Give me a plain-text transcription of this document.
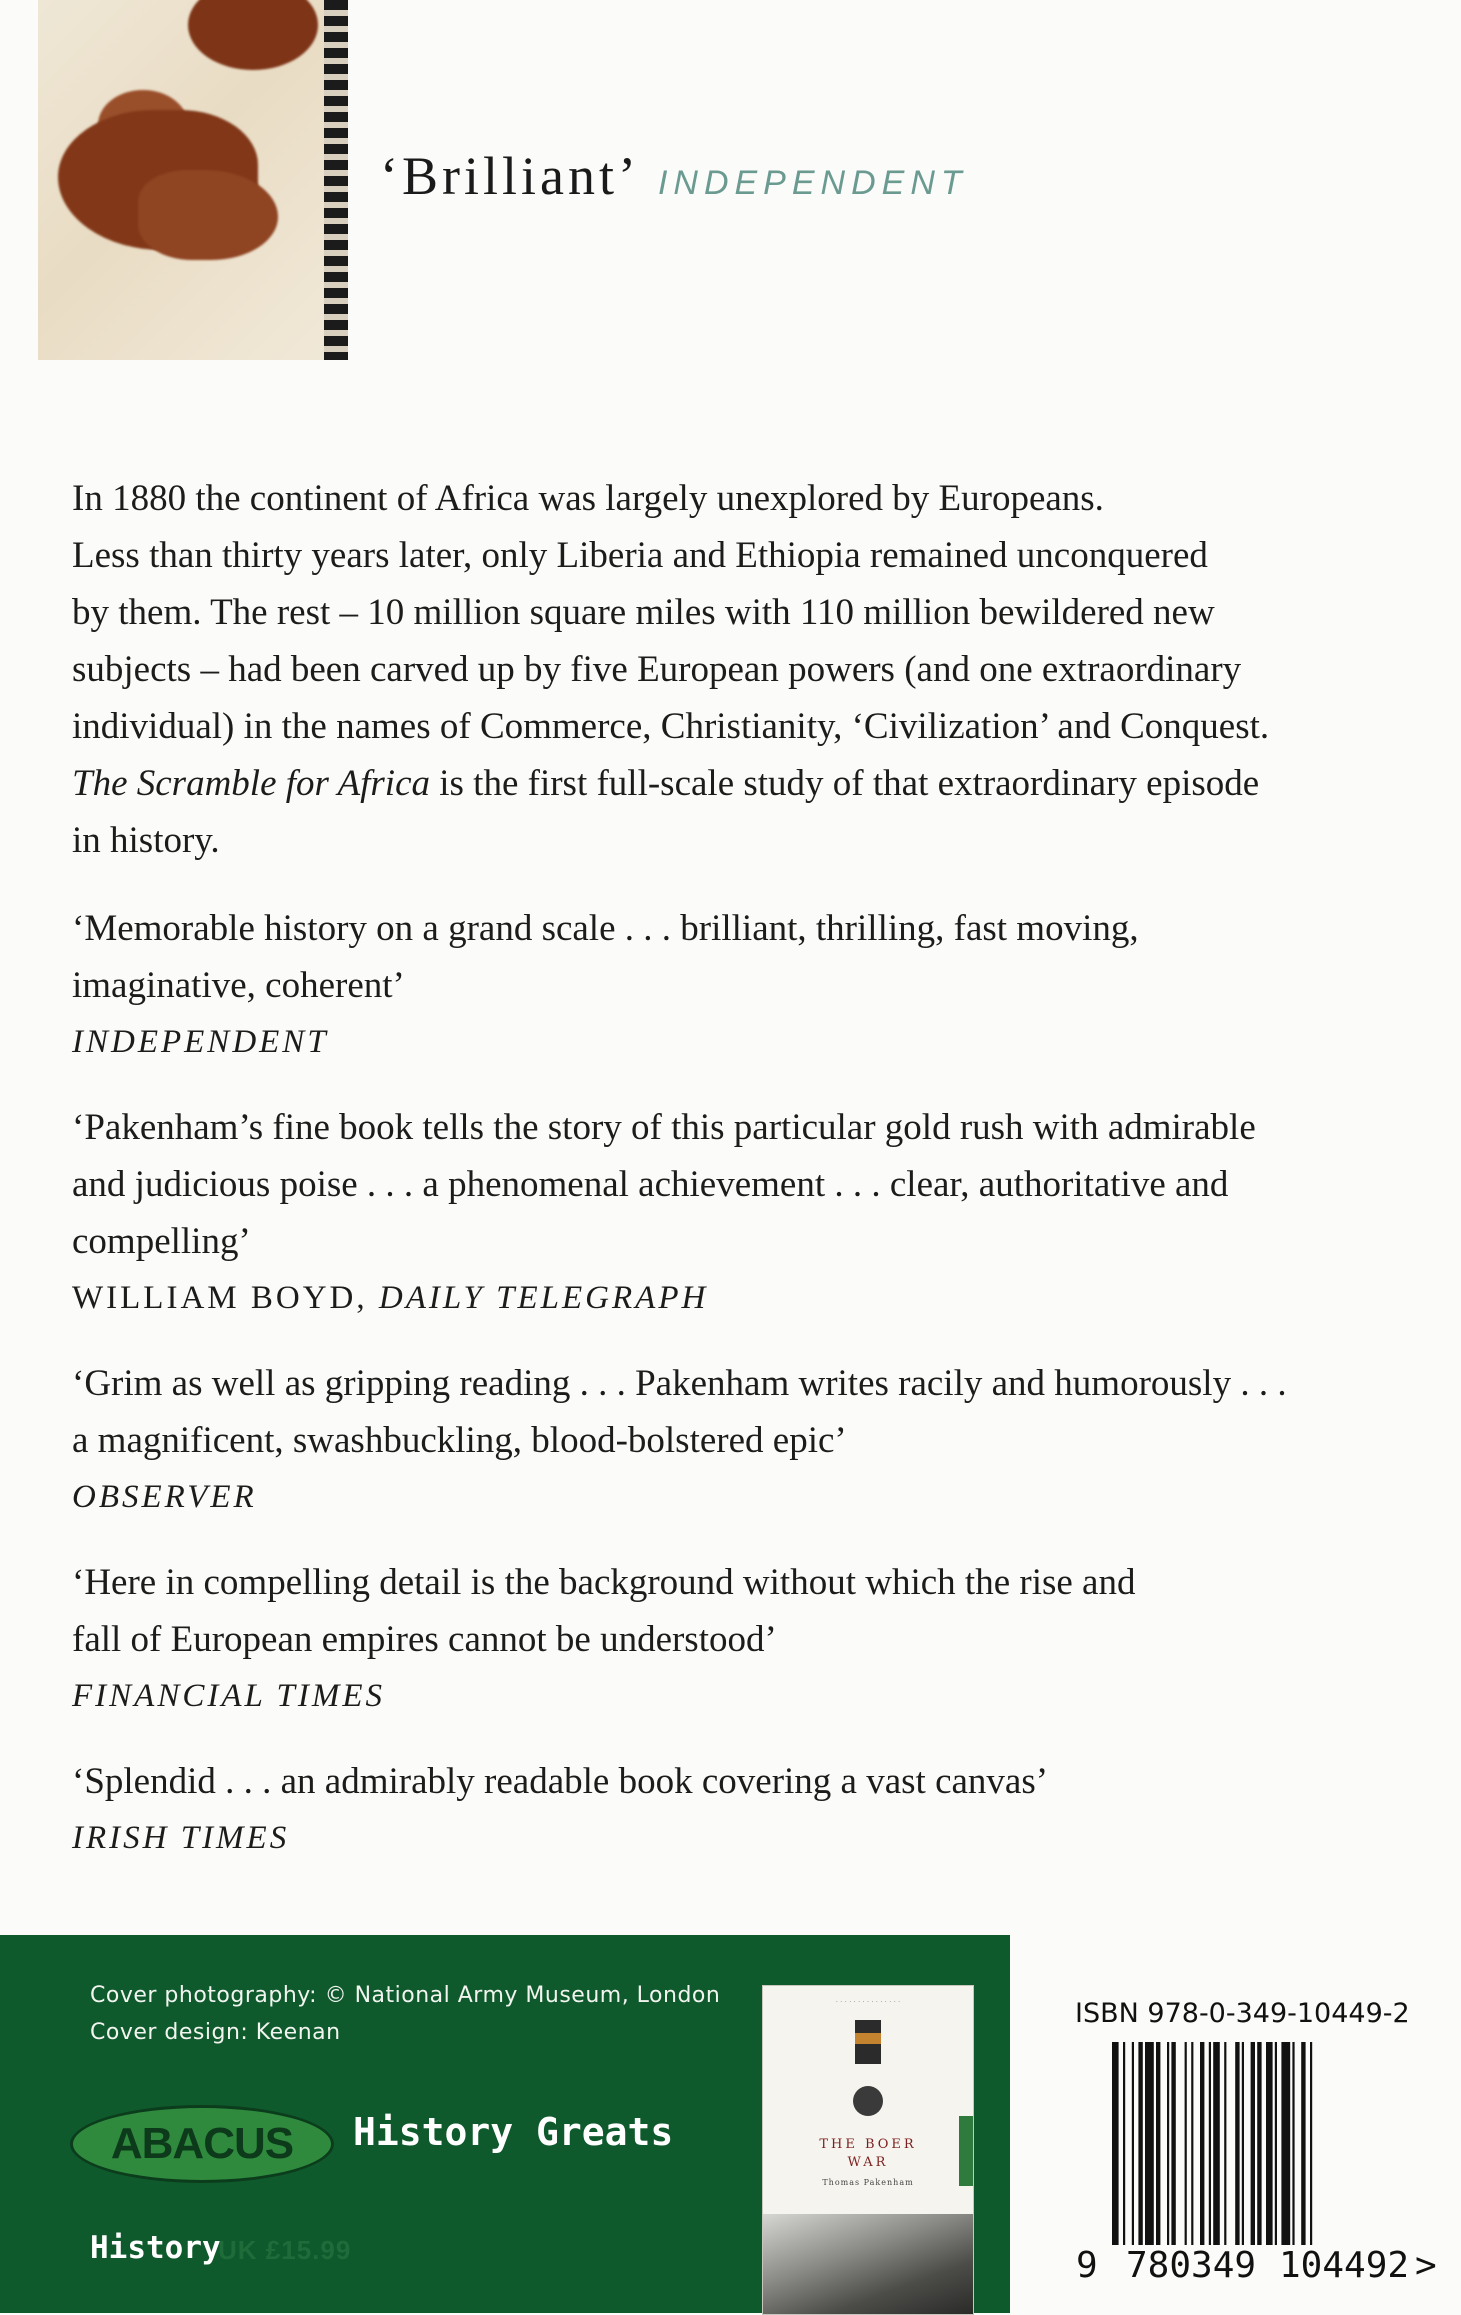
‘Brilliant’ INDEPENDENT
In 1880 the continent of Africa was largely unexplored by Europeans.
Less than thirty years later, only Liberia and Ethiopia remained unconquered
by them. The rest – 10 million square miles with 110 million bewildered new
subjects – had been carved up by five European powers (and one extraordinary
individual) in the names of Commerce, Christianity, ‘Civilization’ and Conquest.
The Scramble for Africa is the first full-scale study of that extraordinary episode
in history.
‘Memorable history on a grand scale . . . brilliant, thrilling, fast moving,
imaginative, coherent’
INDEPENDENT
‘Pakenham’s fine book tells the story of this particular gold rush with admirable
and judicious poise . . . a phenomenal achievement . . . clear, authoritative and
compelling’
WILLIAM BOYD, DAILY TELEGRAPH
‘Grim as well as gripping reading . . . Pakenham writes racily and humorously . . .
a magnificent, swashbuckling, blood-bolstered epic’
OBSERVER
‘Here in compelling detail is the background without which the rise and
fall of European empires cannot be understood’
FINANCIAL TIMES
‘Splendid . . . an admirably readable book covering a vast canvas’
IRISH TIMES
Cover photography: © National Army Museum, London
Cover design: Keenan
ABACUS History Greats
History
UK £15.99
· · · · · · · · · · · · · · ·
THE BOER
WAR
Thomas Pakenham
ISBN 978-0-349-10449-2
9 780349 104492 >
